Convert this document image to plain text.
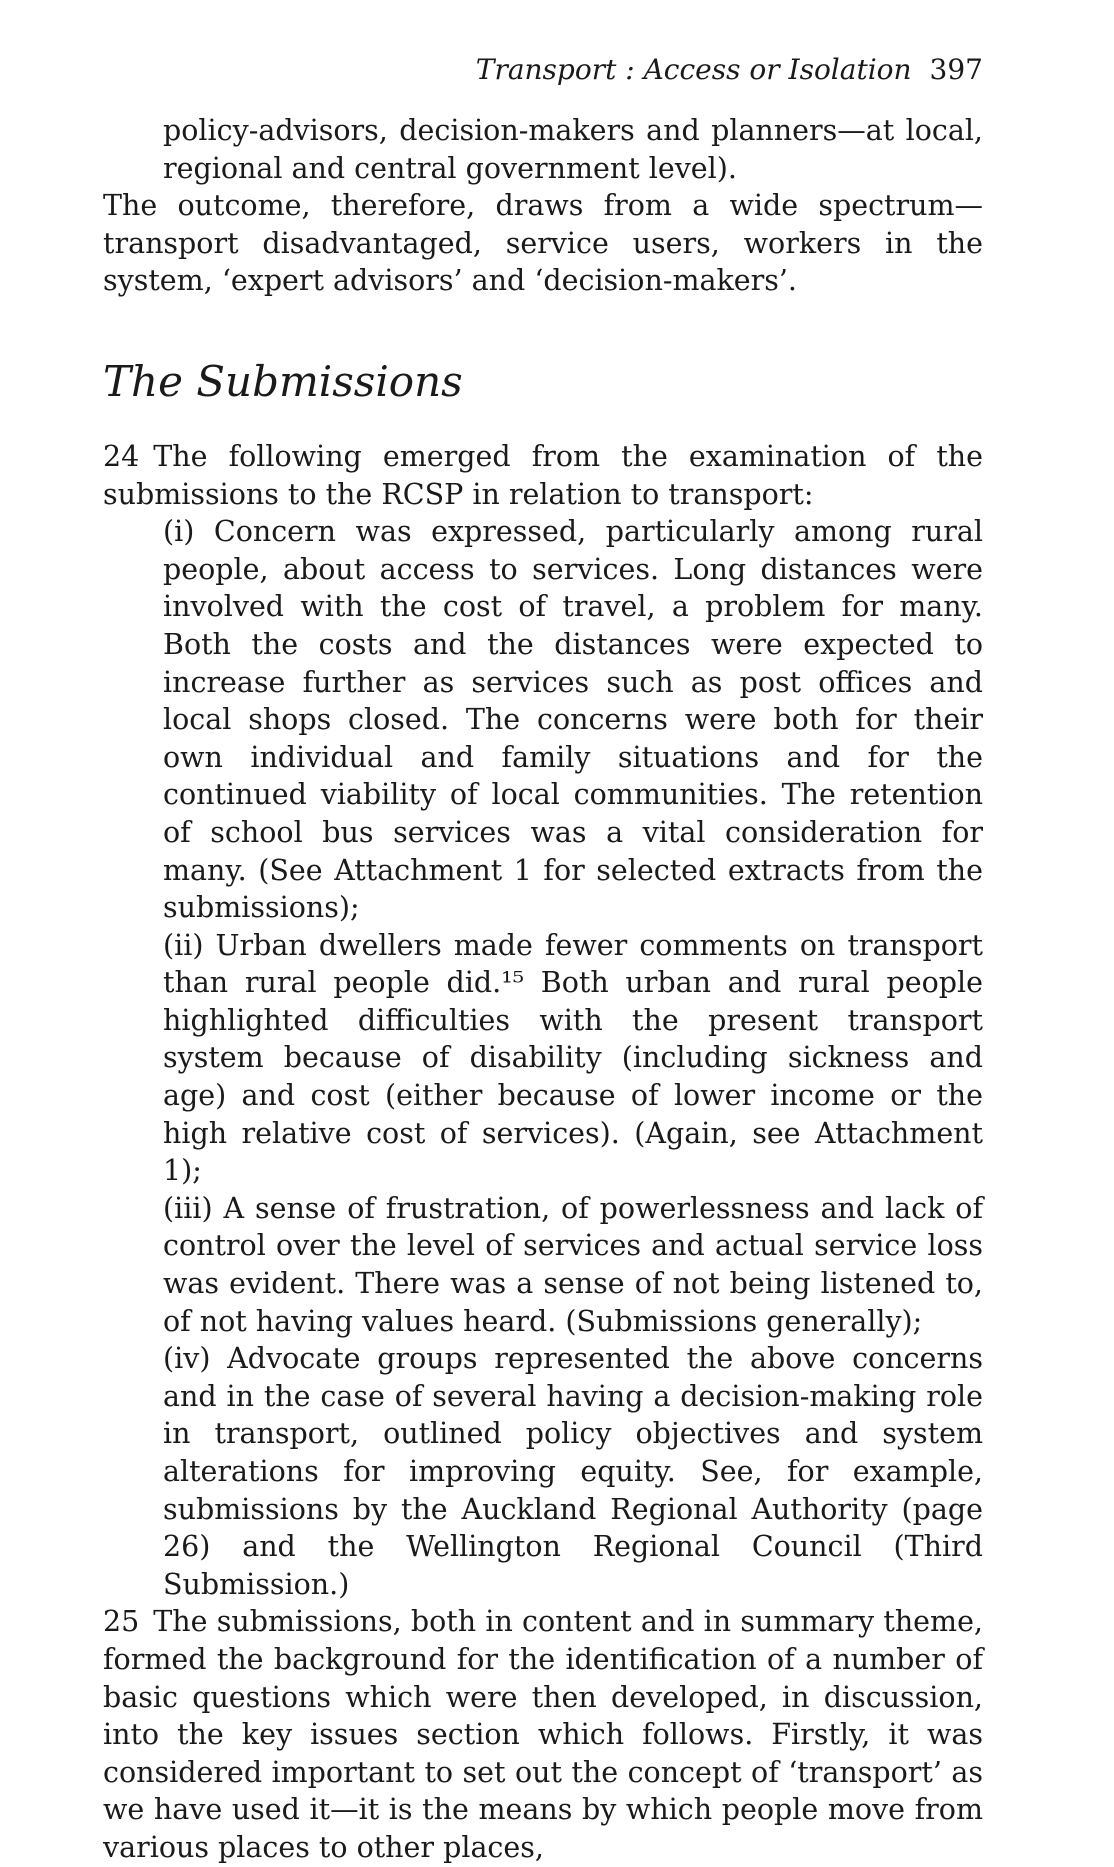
Transport : Access or Isolation 397

policy-advisors, decision-makers and planners—at local, regional and central government level).

The outcome, therefore, draws from a wide spectrum—transport disadvantaged, service users, workers in the system, ‘expert advisors’ and ‘decision-makers’.

The Submissions

24 The following emerged from the examination of the submissions to the RCSP in relation to transport:

(i) Concern was expressed, particularly among rural people, about access to services. Long distances were involved with the cost of travel, a problem for many. Both the costs and the distances were expected to increase further as services such as post offices and local shops closed. The concerns were both for their own individual and family situations and for the continued viability of local communities. The retention of school bus services was a vital consideration for many. (See Attachment 1 for selected extracts from the submissions);

(ii) Urban dwellers made fewer comments on transport than rural people did.¹⁵ Both urban and rural people highlighted difficulties with the present transport system because of disability (including sickness and age) and cost (either because of lower income or the high relative cost of services). (Again, see Attachment 1);

(iii) A sense of frustration, of powerlessness and lack of control over the level of services and actual service loss was evident. There was a sense of not being listened to, of not having values heard. (Submissions generally);

(iv) Advocate groups represented the above concerns and in the case of several having a decision-making role in transport, outlined policy objectives and system alterations for improving equity. See, for example, submissions by the Auckland Regional Authority (page 26) and the Wellington Regional Council (Third Submission.)

25 The submissions, both in content and in summary theme, formed the background for the identification of a number of basic questions which were then developed, in discussion, into the key issues section which follows. Firstly, it was considered important to set out the concept of ‘transport’ as we have used it—it is the means by which people move from various places to other places,
